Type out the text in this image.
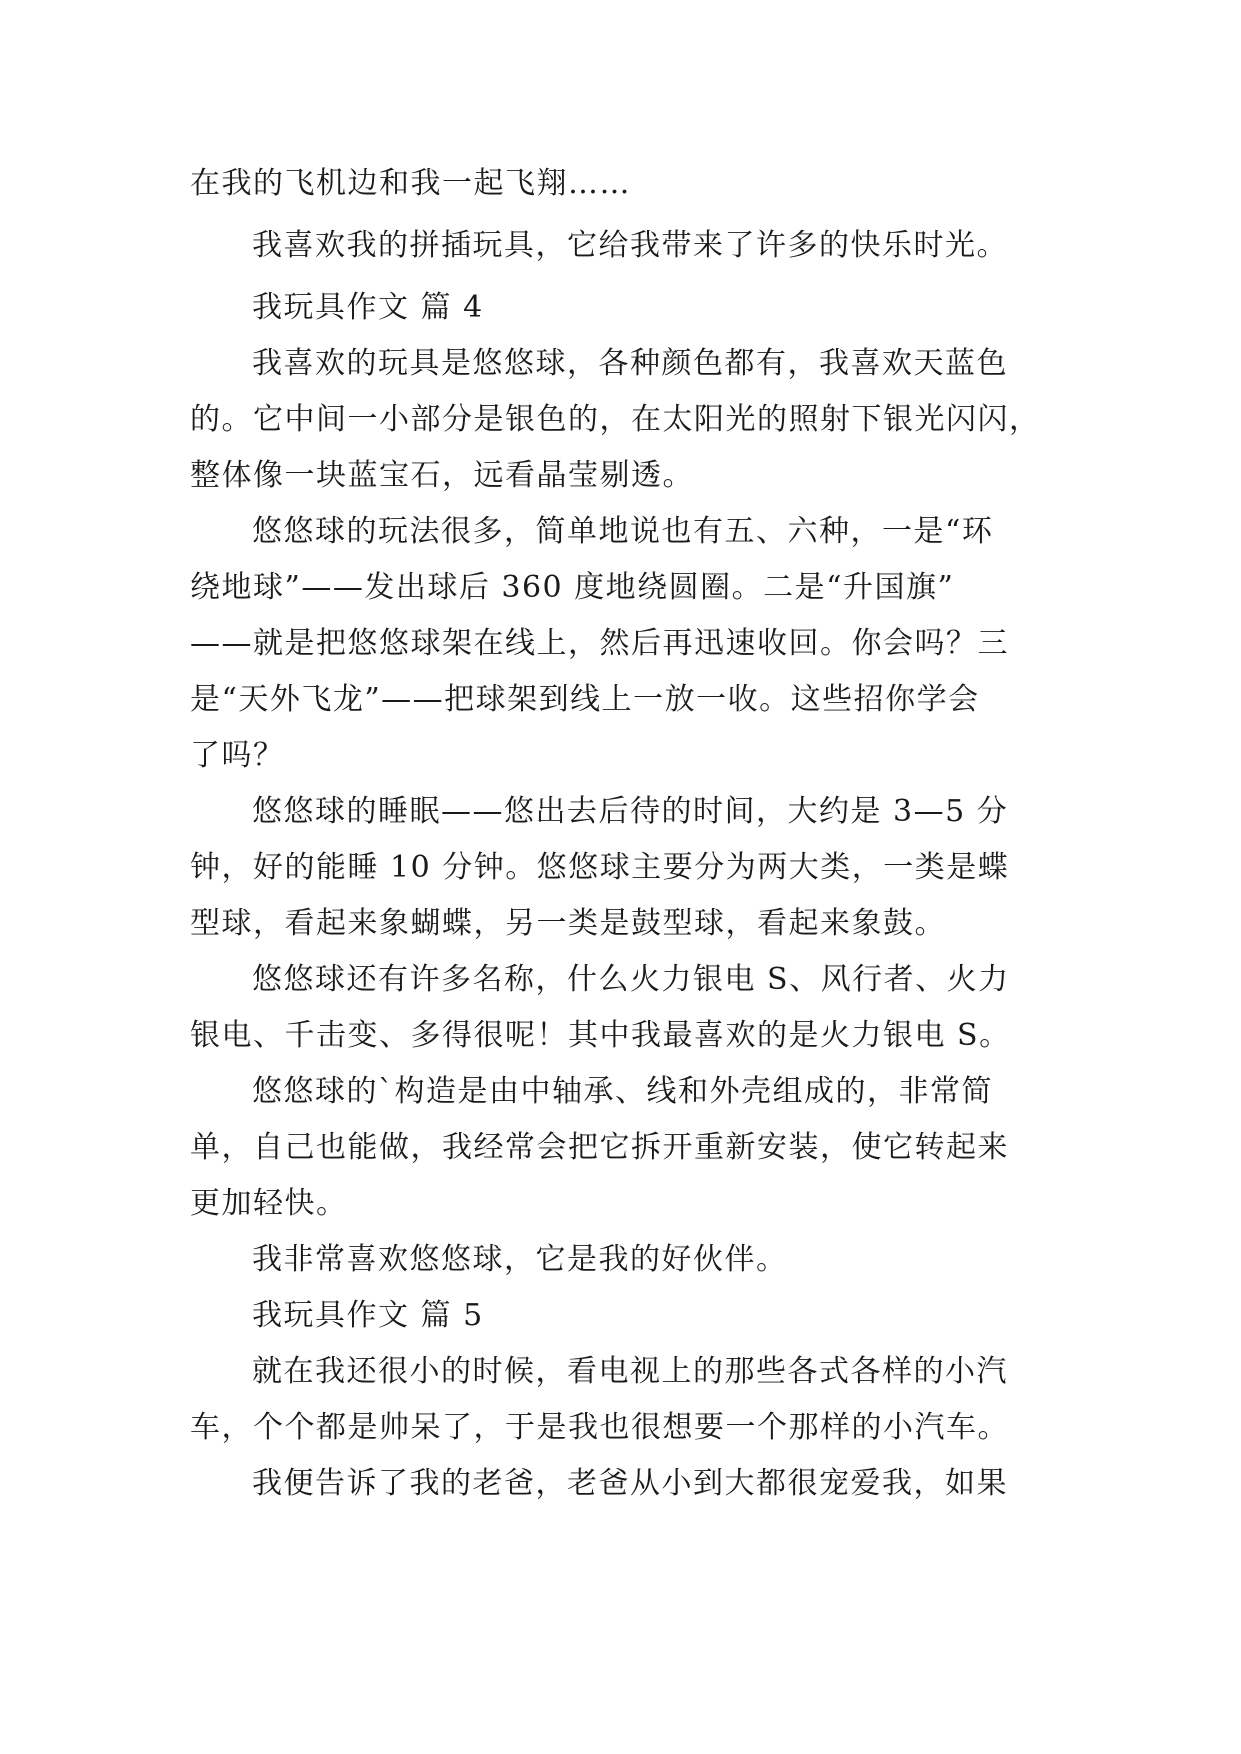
在我的飞机边和我一起飞翔……

我喜欢我的拼插玩具，它给我带来了许多的快乐时光。

我玩具作文 篇 4

我喜欢的玩具是悠悠球，各种颜色都有，我喜欢天蓝色

的。它中间一小部分是银色的，在太阳光的照射下银光闪闪，

整体像一块蓝宝石，远看晶莹剔透。

悠悠球的玩法很多，简单地说也有五、六种，一是“环

绕地球”——发出球后 360 度地绕圆圈。二是“升国旗”

——就是把悠悠球架在线上，然后再迅速收回。你会吗？三

是“天外飞龙”——把球架到线上一放一收。这些招你学会

了吗？

悠悠球的睡眠——悠出去后待的时间，大约是 3—5 分

钟，好的能睡 10 分钟。悠悠球主要分为两大类，一类是蝶

型球，看起来象蝴蝶，另一类是鼓型球，看起来象鼓。

悠悠球还有许多名称，什么火力银电 S、风行者、火力

银电、千击变、多得很呢！其中我最喜欢的是火力银电 S。

悠悠球的`构造是由中轴承、线和外壳组成的，非常简

单，自己也能做，我经常会把它拆开重新安装，使它转起来

更加轻快。

我非常喜欢悠悠球，它是我的好伙伴。

我玩具作文 篇 5

就在我还很小的时候，看电视上的那些各式各样的小汽

车，个个都是帅呆了，于是我也很想要一个那样的小汽车。

我便告诉了我的老爸，老爸从小到大都很宠爱我，如果
